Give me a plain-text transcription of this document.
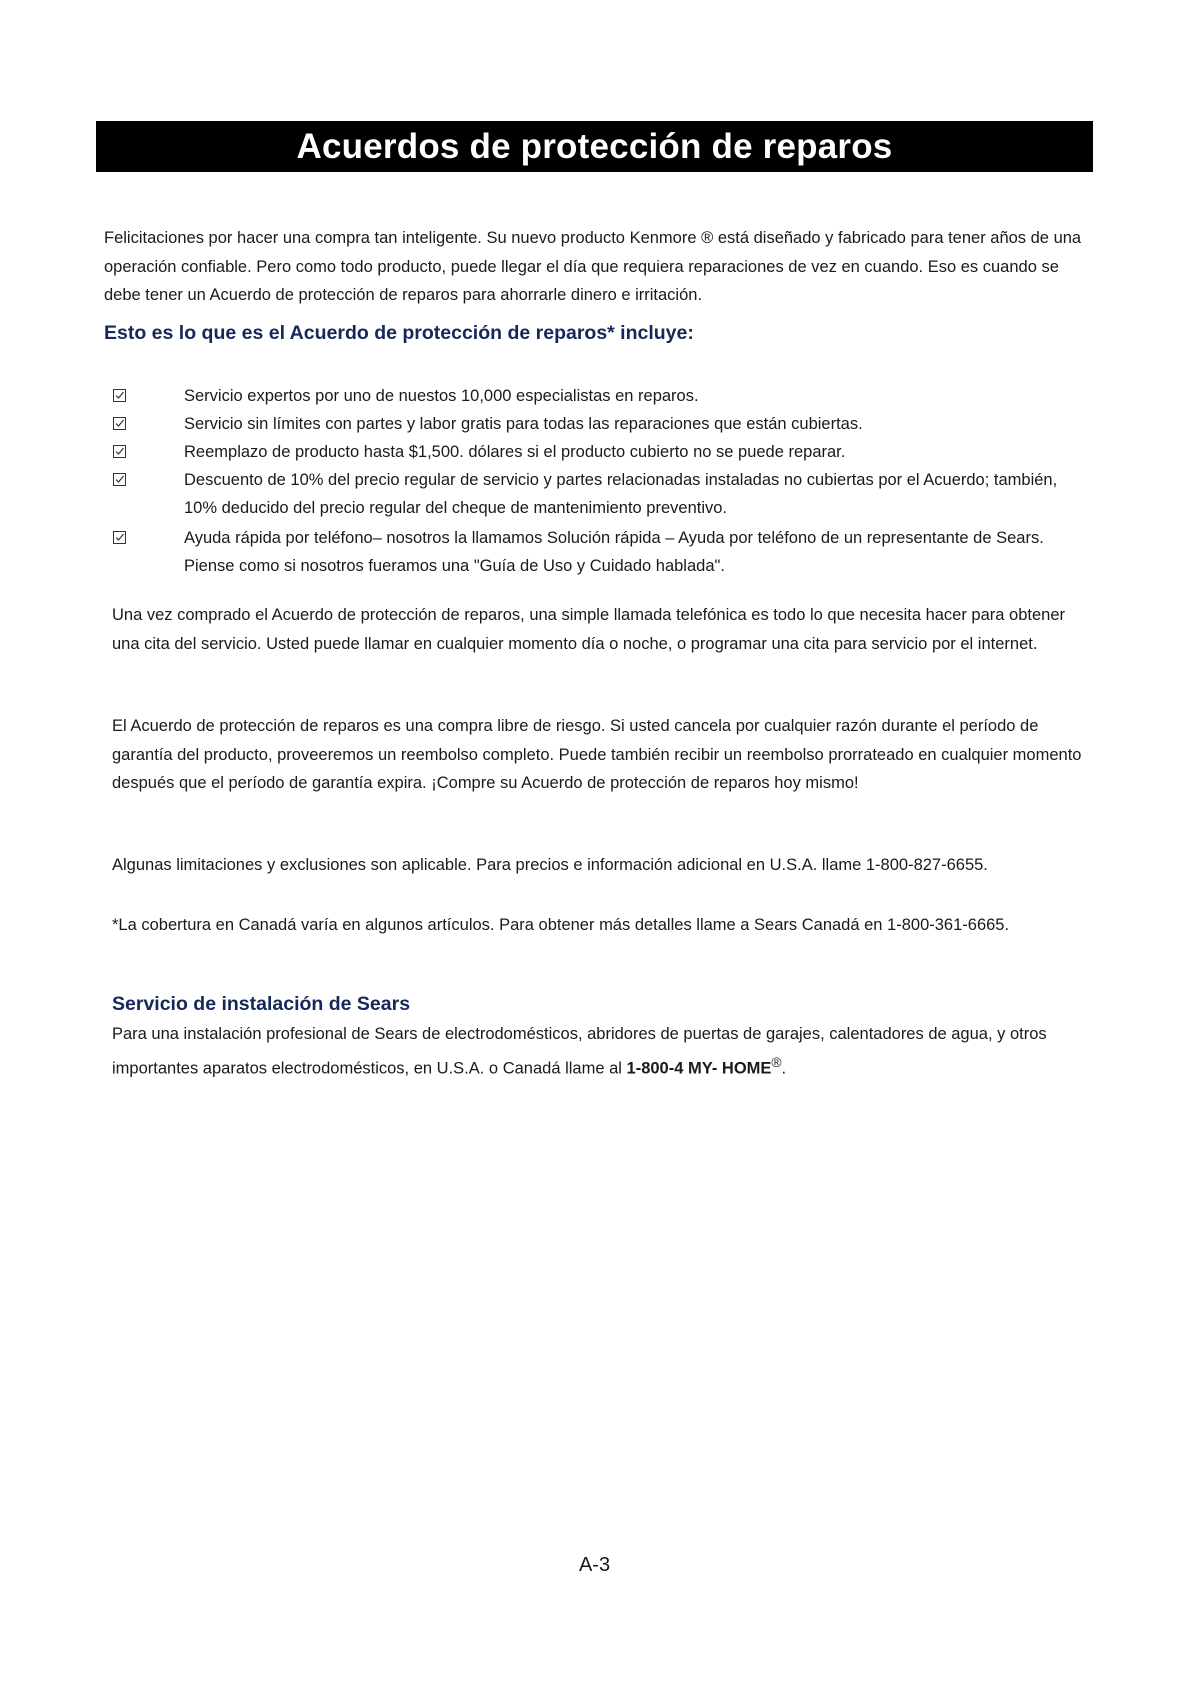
Acuerdos de protección de reparos

Felicitaciones por hacer una compra tan inteligente. Su nuevo producto Kenmore ® está diseñado y fabricado para tener años de una operación confiable. Pero como todo producto, puede llegar el día que requiera reparaciones de vez en cuando. Eso es cuando se debe tener un Acuerdo de protección de reparos para ahorrarle dinero e irritación.

Esto es lo que es el Acuerdo de protección de reparos* incluye:
Servicio expertos por uno de nuestos 10,000 especialistas en reparos.
Servicio sin límites con partes y labor gratis para todas las reparaciones que están cubiertas.
Reemplazo de producto hasta $1,500. dólares si el producto cubierto no se puede reparar.
Descuento de 10% del precio regular de servicio y partes relacionadas instaladas no cubiertas por el Acuerdo; también, 10% deducido del precio regular del cheque de mantenimiento preventivo.
Ayuda rápida por teléfono– nosotros la llamamos Solución rápida – Ayuda por teléfono de un representante de Sears. Piense como si nosotros fueramos una "Guía de Uso y Cuidado hablada".

Una vez comprado el Acuerdo de protección de reparos, una simple llamada telefónica es todo lo que necesita hacer para obtener una cita del servicio. Usted puede llamar en cualquier momento día o noche, o programar una cita para servicio por el internet.

El Acuerdo de protección de reparos es una compra libre de riesgo. Si usted cancela por cualquier razón durante el período de garantía del producto, proveeremos un reembolso completo. Puede también recibir un reembolso prorrateado en cualquier momento después que el período de garantía expira. ¡Compre su Acuerdo de protección de reparos hoy mismo!

Algunas limitaciones y exclusiones son aplicable. Para precios e información adicional en U.S.A. llame 1-800-827-6655.

*La cobertura en Canadá varía en algunos artículos. Para obtener más detalles llame a Sears Canadá en 1-800-361-6665.

Servicio de instalación de Sears

Para una instalación profesional de Sears de electrodomésticos, abridores de puertas de garajes, calentadores de agua, y otros importantes aparatos electrodomésticos, en U.S.A. o Canadá llame al 1-800-4 MY- HOME®.

A-3
